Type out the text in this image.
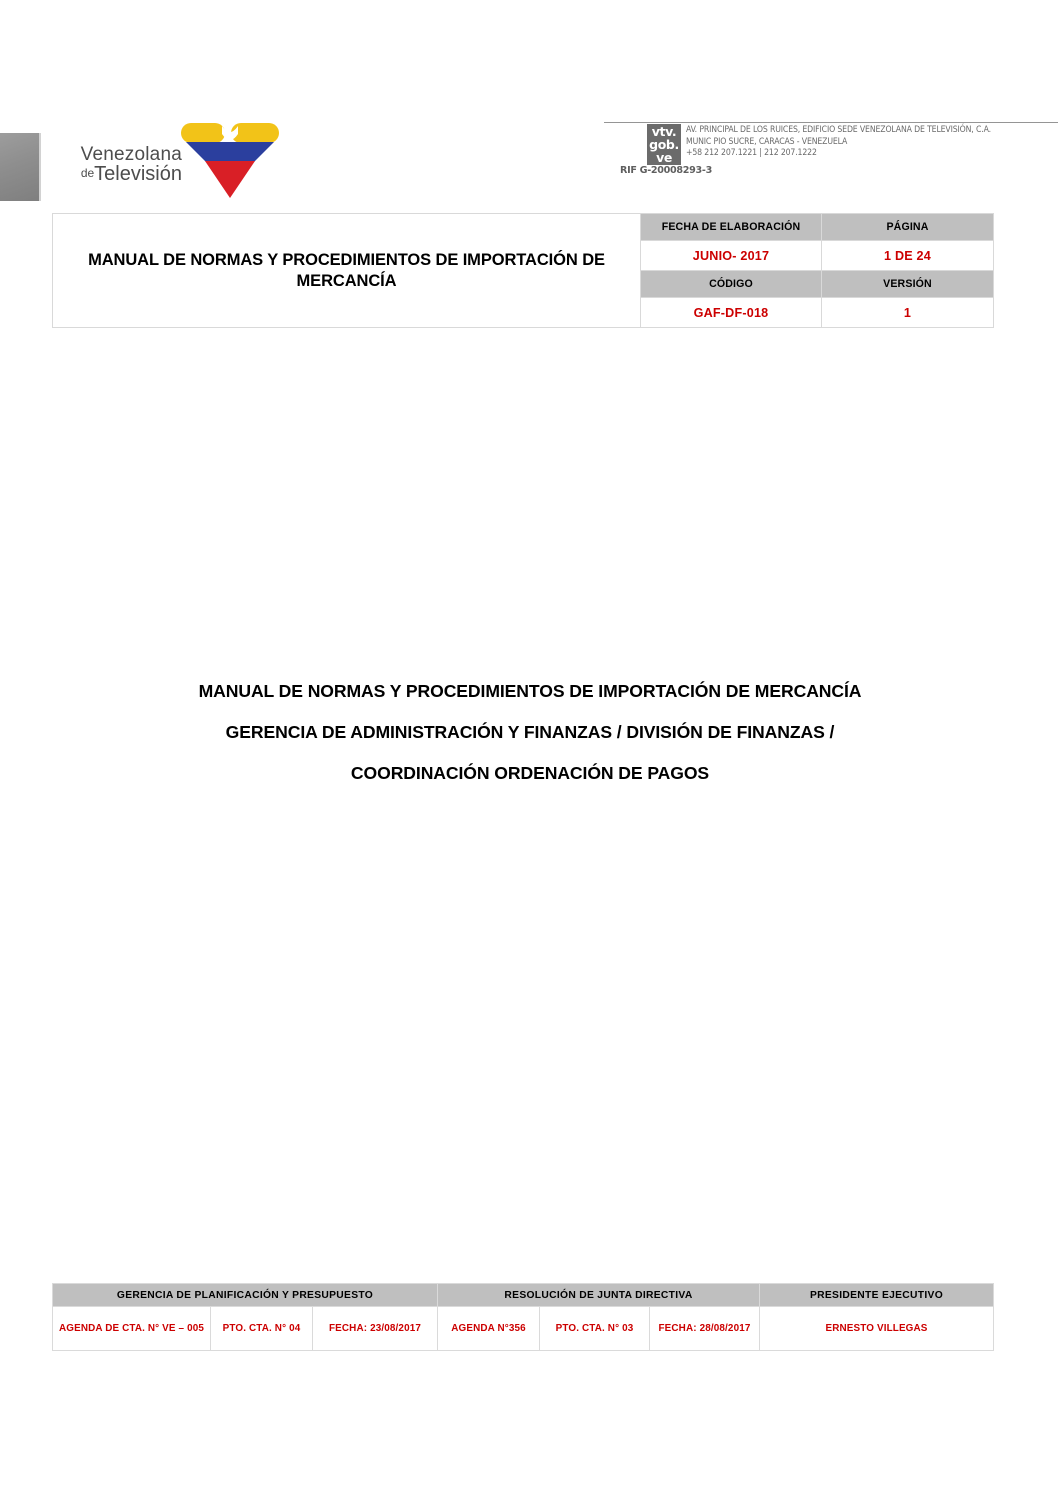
Venezolana
deTelevisión
vtv.
gob.
ve
AV. PRINCIPAL DE LOS RUICES, EDIFICIO SEDE VENEZOLANA DE TELEVISIÓN, C.A.
MUNIC PIO SUCRE, CARACAS - VENEZUELA
+58 212 207.1221 | 212 207.1222
RIF G-20008293-3
MANUAL DE NORMAS Y PROCEDIMIENTOS DE IMPORTACIÓN DE MERCANCÍA	FECHA DE ELABORACIÓN	PÁGINA
	JUNIO- 2017	1 DE 24
	CÓDIGO	VERSIÓN
	GAF-DF-018	1
MANUAL DE NORMAS Y PROCEDIMIENTOS DE IMPORTACIÓN DE MERCANCÍA
GERENCIA DE ADMINISTRACIÓN Y FINANZAS / DIVISIÓN DE FINANZAS /
COORDINACIÓN ORDENACIÓN DE PAGOS
GERENCIA DE PLANIFICACIÓN Y PRESUPUESTO			RESOLUCIÓN DE JUNTA DIRECTIVA			PRESIDENTE EJECUTIVO
AGENDA DE CTA. N° VE – 005	PTO. CTA. N° 04	FECHA: 23/08/2017	AGENDA N°356	PTO. CTA. N° 03	FECHA: 28/08/2017	ERNESTO VILLEGAS
